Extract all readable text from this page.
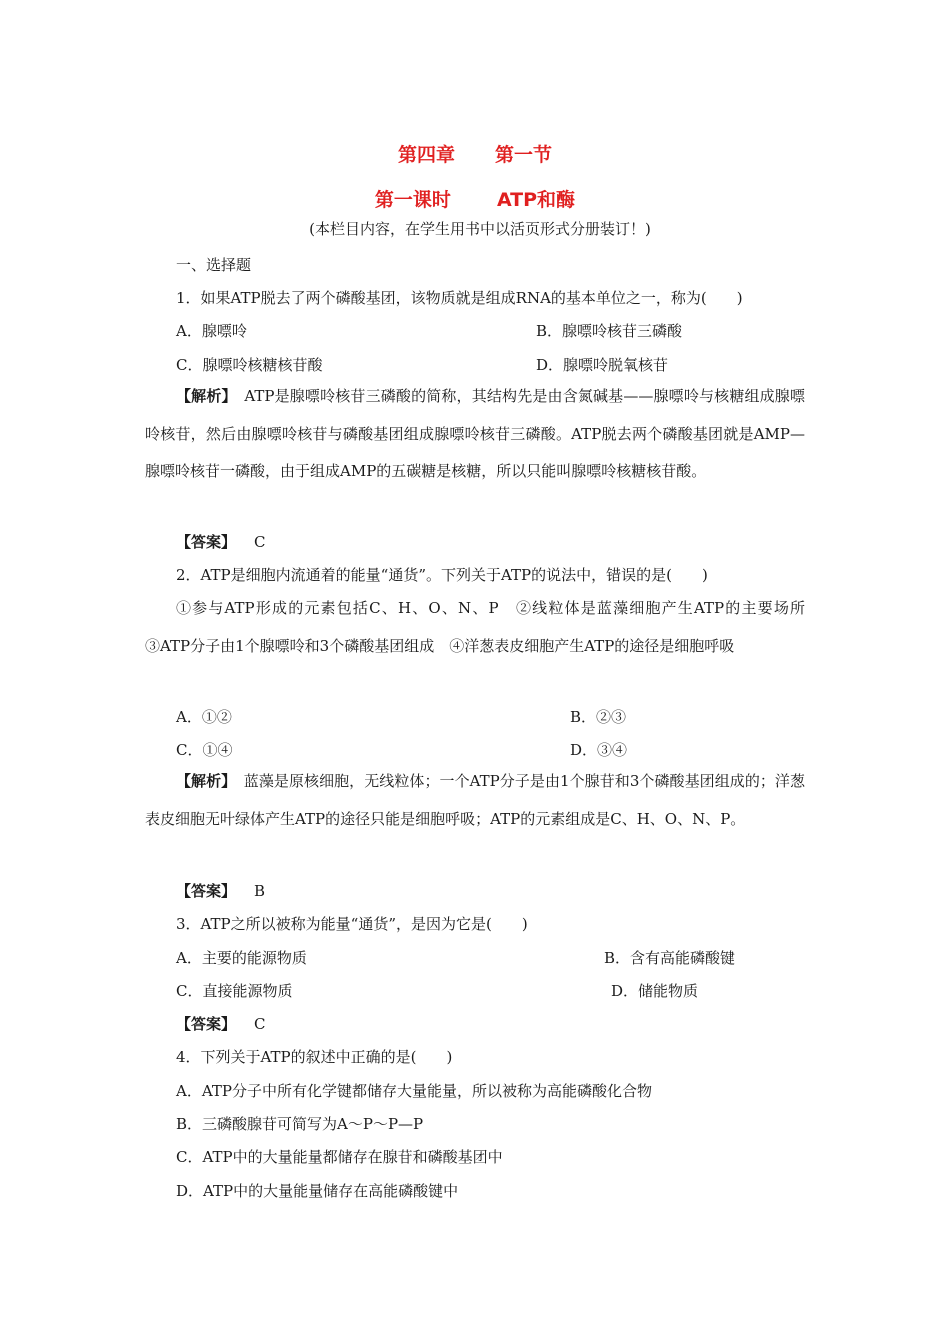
第四章 第一节
第一课时 ATP和酶
(本栏目内容，在学生用书中以活页形式分册装订！)
一、选择题
1．如果ATP脱去了两个磷酸基团，该物质就是组成RNA的基本单位之一，称为(　　)
A．腺嘌呤	B．腺嘌呤核苷三磷酸
C．腺嘌呤核糖核苷酸	D．腺嘌呤脱氧核苷

【解析】　 ATP是腺嘌呤核苷三磷酸的简称，其结构先是由含氮碱基——腺嘌呤与核糖组成腺嘌呤核苷，然后由腺嘌呤核苷与磷酸基团组成腺嘌呤核苷三磷酸。ATP脱去两个磷酸基团就是AMP—腺嘌呤核苷一磷酸，由于组成AMP的五碳糖是核糖，所以只能叫腺嘌呤核糖核苷酸。

【答案】 C
2．ATP是细胞内流通着的能量“通货”。下列关于ATP的说法中，错误的是(　　)

①参与ATP形成的元素包括C、H、O、N、P　②线粒体是蓝藻细胞产生ATP的主要场所　③ATP分子由1个腺嘌呤和3个磷酸基团组成　④洋葱表皮细胞产生ATP的途径是细胞呼吸

A．①②	B．②③
C．①④	D．③④

【解析】　 蓝藻是原核细胞，无线粒体；一个ATP分子是由1个腺苷和3个磷酸基团组成的；洋葱表皮细胞无叶绿体产生ATP的途径只能是细胞呼吸；ATP的元素组成是C、H、O、N、P。

【答案】 B
3．ATP之所以被称为能量“通货”，是因为它是(　　)
A．主要的能源物质	B．含有高能磷酸键
C．直接能源物质	D．储能物质
【答案】 C
4．下列关于ATP的叙述中正确的是(　　)
A．ATP分子中所有化学键都储存大量能量，所以被称为高能磷酸化合物
B．三磷酸腺苷可简写为A～P～P—P
C．ATP中的大量能量都储存在腺苷和磷酸基团中
D．ATP中的大量能量储存在高能磷酸键中
